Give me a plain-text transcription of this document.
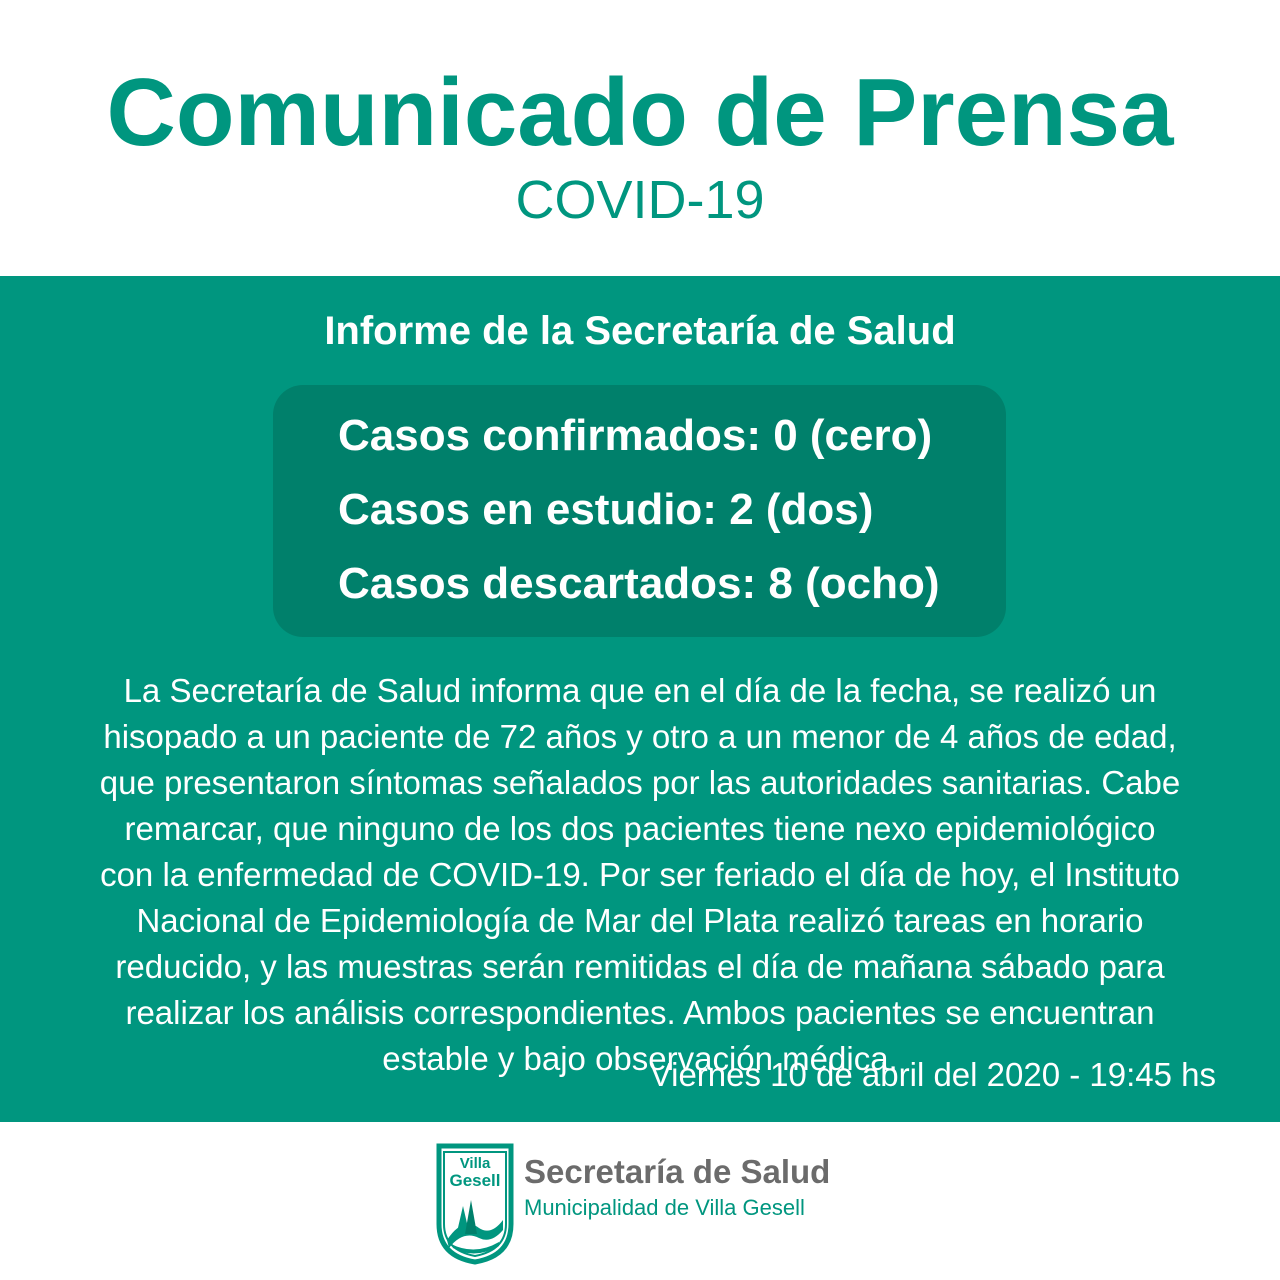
Comunicado de Prensa
COVID-19
Informe de la Secretaría de Salud
Casos confirmados: 0 (cero)
Casos en estudio: 2 (dos)
Casos descartados: 8 (ocho)
La Secretaría de Salud informa que en el día de la fecha, se realizó un
hisopado a un paciente de 72 años y otro a un menor de 4 años de edad,
que presentaron síntomas señalados por las autoridades sanitarias. Cabe
remarcar, que ninguno de los dos pacientes tiene nexo epidemiológico
con la enfermedad de COVID-19. Por ser feriado el día de hoy, el Instituto
Nacional de Epidemiología de Mar del Plata realizó tareas en horario
reducido, y las muestras serán remitidas el día de mañana sábado para
realizar los análisis correspondientes. Ambos pacientes se encuentran
estable y bajo observación médica.
Viernes 10 de abril del 2020 - 19:45 hs
Villa
Gesell Secretaría de Salud
Municipalidad de Villa Gesell
